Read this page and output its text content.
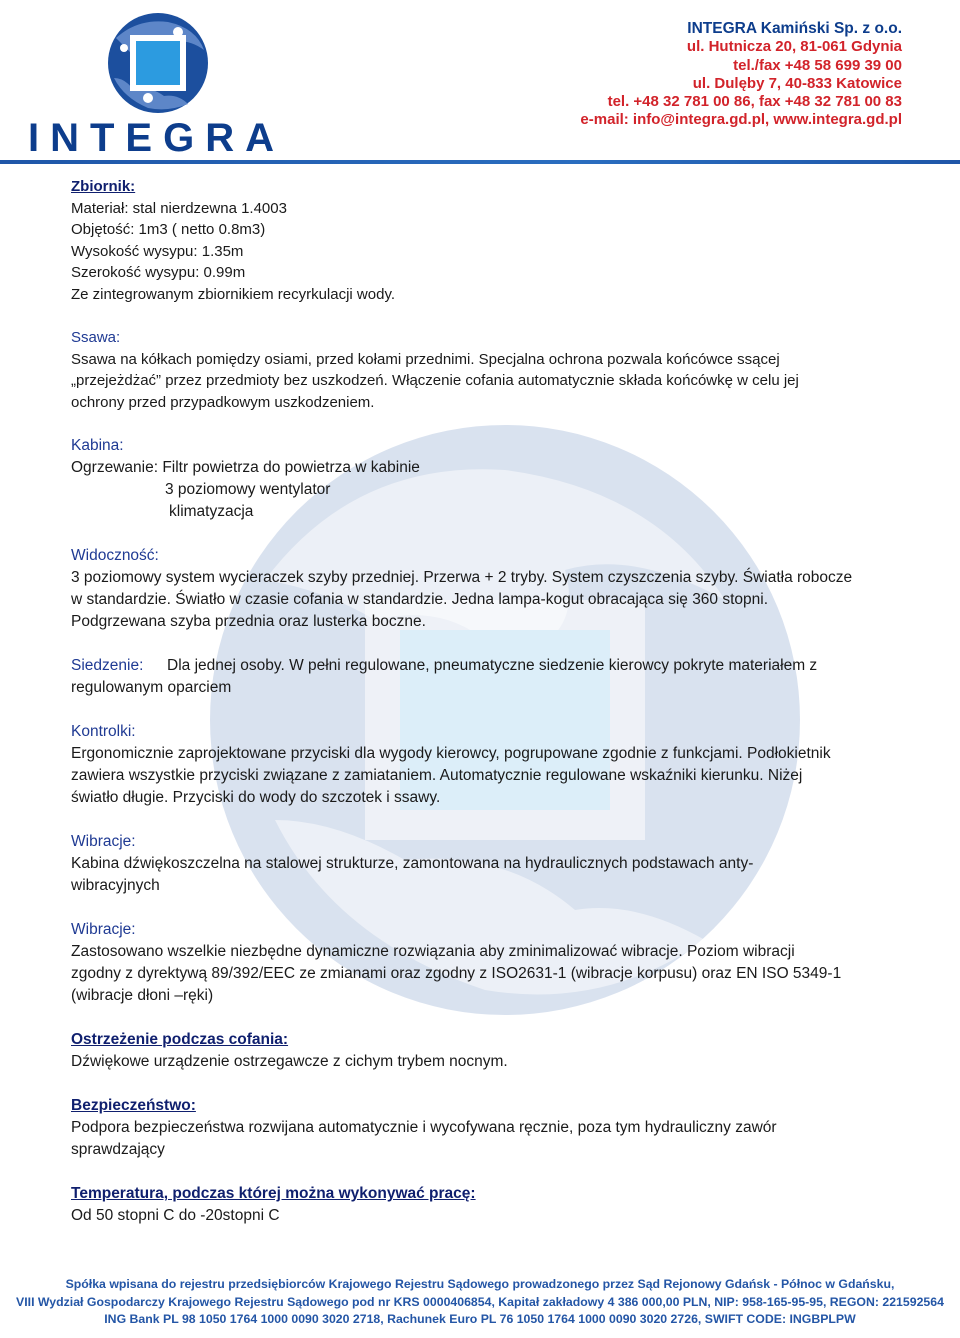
INTEGRA
INTEGRA Kamiński Sp. z o.o.
ul. Hutnicza 20, 81-061 Gdynia
tel./fax +48 58 699 39 00
ul. Dulęby 7, 40-833 Katowice
tel. +48 32 781 00 86, fax +48 32 781 00 83
e-mail: info@integra.gd.pl, www.integra.gd.pl
Zbiornik:
Materiał: stal nierdzewna 1.4003
Objętość: 1m3 ( netto 0.8m3)
Wysokość wysypu: 1.35m
Szerokość wysypu: 0.99m
Ze zintegrowanym zbiornikiem recyrkulacji wody.
Ssawa:
Ssawa na kółkach pomiędzy osiami, przed kołami przednimi. Specjalna ochrona pozwala końcówce ssącej
„przejeżdżać” przez przedmioty bez uszkodzeń. Włączenie cofania automatycznie składa końcówkę w celu jej
ochrony przed przypadkowym uszkodzeniem.
Kabina:
Ogrzewanie: Filtr powietrza do powietrza w kabinie
3 poziomowy wentylator
klimatyzacja
Widoczność:
3 poziomowy system wycieraczek szyby przedniej. Przerwa + 2 tryby. System czyszczenia szyby. Światła robocze
w standardzie. Światło w czasie cofania w standardzie. Jedna lampa-kogut obracająca się 360 stopni.
Podgrzewana szyba przednia oraz lusterka boczne.
Siedzenie: Dla jednej osoby. W pełni regulowane, pneumatyczne siedzenie kierowcy pokryte materiałem z
regulowanym oparciem
Kontrolki:
Ergonomicznie zaprojektowane przyciski dla wygody kierowcy, pogrupowane zgodnie z funkcjami. Podłokietnik
zawiera wszystkie przyciski związane z zamiataniem. Automatycznie regulowane wskaźniki kierunku. Niżej
światło długie. Przyciski do wody do szczotek i ssawy.
Wibracje:
Kabina dźwiękoszczelna na stalowej strukturze, zamontowana na hydraulicznych podstawach anty-
wibracyjnych
Wibracje:
Zastosowano wszelkie niezbędne dynamiczne rozwiązania aby zminimalizować wibracje. Poziom wibracji
zgodny z dyrektywą 89/392/EEC ze zmianami oraz zgodny z ISO2631-1 (wibracje korpusu) oraz EN ISO 5349-1
(wibracje dłoni –ręki)
Ostrzeżenie podczas cofania:
Dźwiękowe urządzenie ostrzegawcze z cichym trybem nocnym.
Bezpieczeństwo:
Podpora bezpieczeństwa rozwijana automatycznie i wycofywana ręcznie, poza tym hydrauliczny zawór
sprawdzający
Temperatura, podczas której można wykonywać pracę:
Od 50 stopni C do -20stopni C
Spółka wpisana do rejestru przedsiębiorców Krajowego Rejestru Sądowego prowadzonego przez Sąd Rejonowy Gdańsk - Północ w Gdańsku,
VIII Wydział Gospodarczy Krajowego Rejestru Sądowego pod nr KRS 0000406854, Kapitał zakładowy 4 386 000,00 PLN, NIP: 958-165-95-95, REGON: 221592564
ING Bank PL 98 1050 1764 1000 0090 3020 2718, Rachunek Euro PL 76 1050 1764 1000 0090 3020 2726, SWIFT CODE: INGBPLPW
